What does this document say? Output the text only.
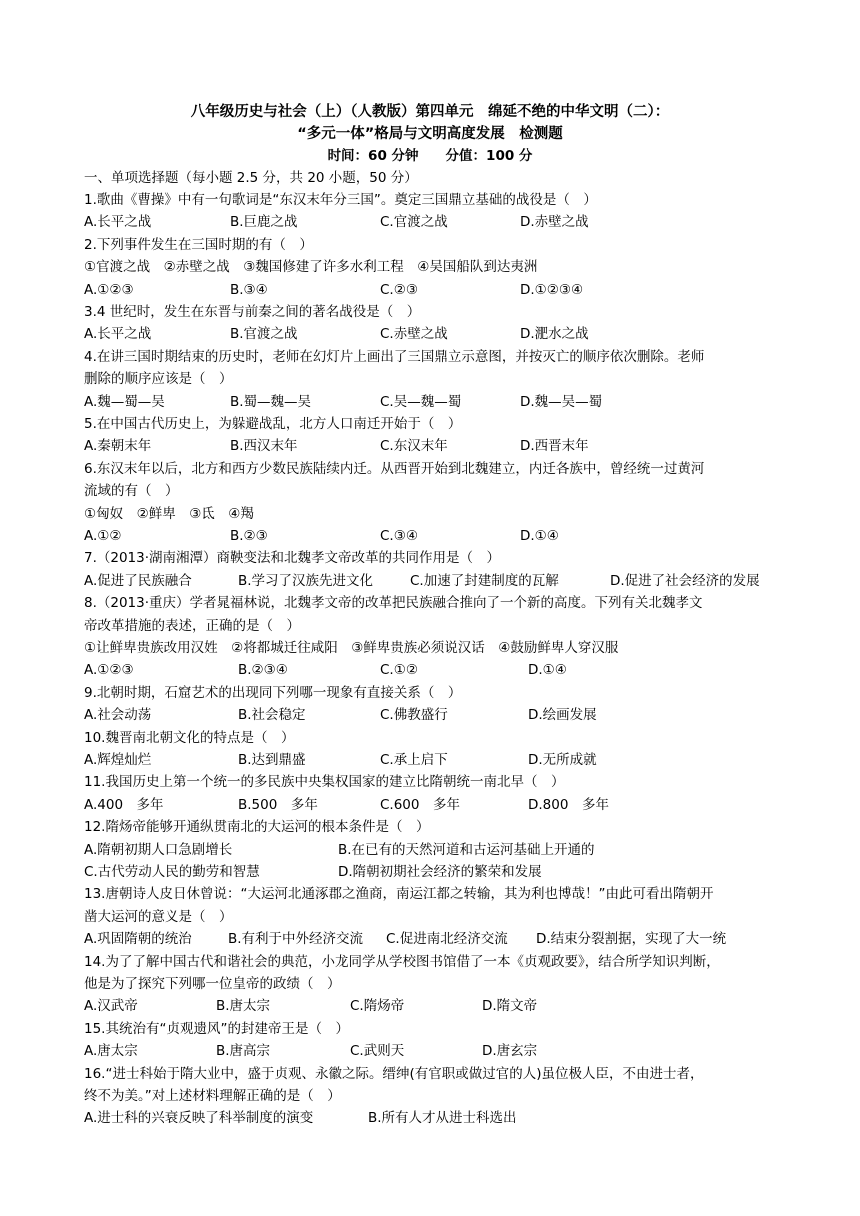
八年级历史与社会（上）（人教版）第四单元　绵延不绝的中华文明（二）：
“多元一体”格局与文明高度发展　检测题
时间：60 分钟　　分值：100 分
一、单项选择题（每小题 2.5 分，共 20 小题，50 分）
1.歌曲《曹操》中有一句歌词是“东汉末年分三国”。奠定三国鼎立基础的战役是（　）
A.长平之战	B.巨鹿之战	C.官渡之战	D.赤壁之战
2.下列事件发生在三国时期的有（　）
①官渡之战　②赤壁之战　③魏国修建了许多水利工程　④吴国船队到达夷洲
A.①②③	B.③④	C.②③	D.①②③④
3.4 世纪时，发生在东晋与前秦之间的著名战役是（　）
A.长平之战	B.官渡之战	C.赤壁之战	D.淝水之战
4.在讲三国时期结束的历史时，老师在幻灯片上画出了三国鼎立示意图，并按灭亡的顺序依次删除。老师
删除的顺序应该是（　）
A.魏—蜀—吴	B.蜀—魏—吴	C.吴—魏—蜀	D.魏—吴—蜀
5.在中国古代历史上，为躲避战乱，北方人口南迁开始于（　）
A.秦朝末年	B.西汉末年	C.东汉末年	D.西晋末年
6.东汉末年以后，北方和西方少数民族陆续内迁。从西晋开始到北魏建立，内迁各族中，曾经统一过黄河
流域的有（　）
①匈奴　②鲜卑　③氐　④羯
A.①②	B.②③	C.③④	D.①④
7.（2013·湖南湘潭）商鞅变法和北魏孝文帝改革的共同作用是（　）
A.促进了民族融合	B.学习了汉族先进文化	C.加速了封建制度的瓦解	D.促进了社会经济的发展
8.（2013·重庆）学者晁福林说，北魏孝文帝的改革把民族融合推向了一个新的高度。下列有关北魏孝文
帝改革措施的表述，正确的是（　）
①让鲜卑贵族改用汉姓　②将都城迁往咸阳　③鲜卑贵族必须说汉话　④鼓励鲜卑人穿汉服
A.①②③	B.②③④	C.①②	D.①④
9.北朝时期，石窟艺术的出现同下列哪一现象有直接关系（　）
A.社会动荡	B.社会稳定	C.佛教盛行	D.绘画发展
10.魏晋南北朝文化的特点是（　）
A.辉煌灿烂	B.达到鼎盛	C.承上启下	D.无所成就
11.我国历史上第一个统一的多民族中央集权国家的建立比隋朝统一南北早（　）
A.400　多年	B.500　多年	C.600　多年	D.800　多年
12.隋炀帝能够开通纵贯南北的大运河的根本条件是（　）
A.隋朝初期人口急剧增长	B.在已有的天然河道和古运河基础上开通的
C.古代劳动人民的勤劳和智慧	D.隋朝初期社会经济的繁荣和发展
13.唐朝诗人皮日休曾说：“大运河北通涿郡之渔商，南运江都之转输，其为利也博哉！”由此可看出隋朝开
凿大运河的意义是（　）
A.巩固隋朝的统治	B.有利于中外经济交流 C.促进南北经济交流 D.结束分裂割据，实现了大一统
14.为了了解中国古代和谐社会的典范，小龙同学从学校图书馆借了一本《贞观政要》，结合所学知识判断，
他是为了探究下列哪一位皇帝的政绩（　）
A.汉武帝	B.唐太宗	C.隋炀帝	D.隋文帝
15.其统治有“贞观遗风”的封建帝王是（　）
A.唐太宗	B.唐高宗	C.武则天	D.唐玄宗
16.“进士科始于隋大业中，盛于贞观、永徽之际。缙绅(有官职或做过官的人)虽位极人臣，不由进士者，
终不为美。”对上述材料理解正确的是（　）
A.进士科的兴衰反映了科举制度的演变	B.所有人才从进士科选出
